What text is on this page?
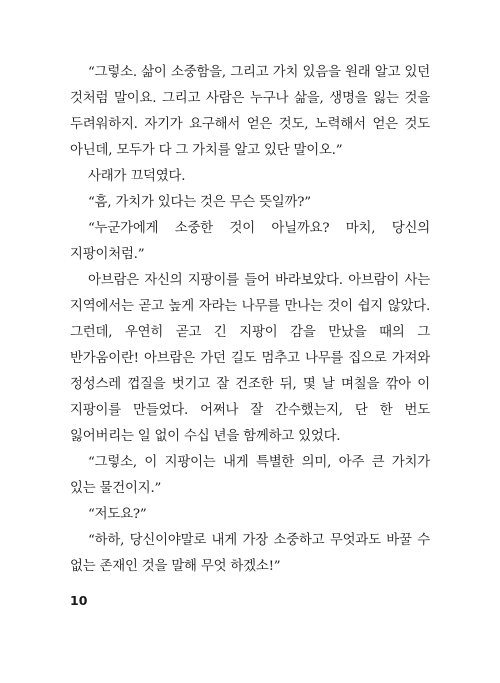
“그렇소. 삶이 소중함을, 그리고 가치 있음을 원래 알고 있던 것처럼 말이요. 그리고 사람은 누구나 삶을, 생명을 잃는 것을 두려워하지. 자기가 요구해서 얻은 것도, 노력해서 얻은 것도 아닌데, 모두가 다 그 가치를 알고 있단 말이오.”

사래가 끄덕였다.

“흠, 가치가 있다는 것은 무슨 뜻일까?”

“누군가에게 소중한 것이 아닐까요? 마치, 당신의 지팡이처럼.”

아브람은 자신의 지팡이를 들어 바라보았다. 아브람이 사는 지역에서는 곧고 높게 자라는 나무를 만나는 것이 쉽지 않았다. 그런데, 우연히 곧고 긴 지팡이 감을 만났을 때의 그 반가움이란! 아브람은 가던 길도 멈추고 나무를 집으로 가져와 정성스레 껍질을 벗기고 잘 건조한 뒤, 몇 날 며칠을 깎아 이 지팡이를 만들었다. 어쩌나 잘 간수했는지, 단 한 번도 잃어버리는 일 없이 수십 년을 함께하고 있었다.

“그렇소, 이 지팡이는 내게 특별한 의미, 아주 큰 가치가 있는 물건이지.”

“저도요?”

“하하, 당신이야말로 내게 가장 소중하고 무엇과도 바꿀 수 없는 존재인 것을 말해 무엇 하겠소!”

10
